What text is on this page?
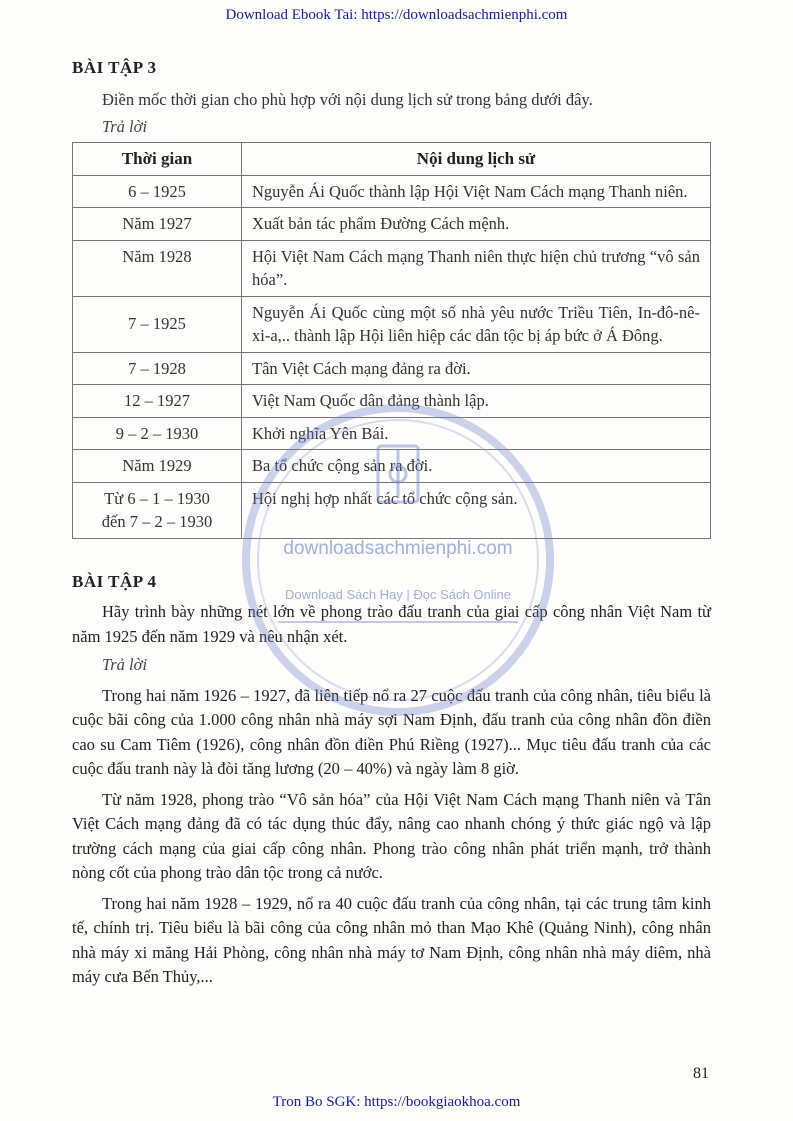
Download Ebook Tai: https://downloadsachmienphi.com
BÀI TẬP 3
Điền mốc thời gian cho phù hợp với nội dung lịch sử trong bảng dưới đây.
Trả lời
Thời gian	Nội dung lịch sử
6 – 1925	Nguyễn Ái Quốc thành lập Hội Việt Nam Cách mạng Thanh niên.
Năm 1927	Xuất bản tác phẩm Đường Cách mệnh.
Năm 1928	Hội Việt Nam Cách mạng Thanh niên thực hiện chủ trương “vô sản hóa”.
7 – 1925	Nguyễn Ái Quốc cùng một số nhà yêu nước Triều Tiên, In-đô-nê-xi-a,.. thành lập Hội liên hiệp các dân tộc bị áp bức ở Á Đông.
7 – 1928	Tân Việt Cách mạng đảng ra đời.
12 – 1927	Việt Nam Quốc dân đảng thành lập.
9 – 2 – 1930	Khởi nghĩa Yên Bái.
Năm 1929	Ba tổ chức cộng sản ra đời.

Từ 6 – 1 – 1930
đến 7 – 2 – 1930	Hội nghị hợp nhất các tổ chức cộng sản.
BÀI TẬP 4

Hãy trình bày những nét lớn về phong trào đấu tranh của giai cấp công nhân Việt Nam từ năm 1925 đến năm 1929 và nêu nhận xét.

Trả lời

Trong hai năm 1926 – 1927, đã liên tiếp nổ ra 27 cuộc đấu tranh của công nhân, tiêu biểu là cuộc bãi công của 1.000 công nhân nhà máy sợi Nam Định, đấu tranh của công nhân đồn điền cao su Cam Tiêm (1926), công nhân đồn điền Phú Riềng (1927)... Mục tiêu đấu tranh của các cuộc đấu tranh này là đòi tăng lương (20 – 40%) và ngày làm 8 giờ.

Từ năm 1928, phong trào “Vô sản hóa” của Hội Việt Nam Cách mạng Thanh niên và Tân Việt Cách mạng đảng đã có tác dụng thúc đẩy, nâng cao nhanh chóng ý thức giác ngộ và lập trường cách mạng của giai cấp công nhân. Phong trào công nhân phát triển mạnh, trở thành nòng cốt của phong trào dân tộc trong cả nước.

Trong hai năm 1928 – 1929, nổ ra 40 cuộc đấu tranh của công nhân, tại các trung tâm kinh tế, chính trị. Tiêu biểu là bãi công của công nhân mỏ than Mạo Khê (Quảng Ninh), công nhân nhà máy xi măng Hải Phòng, công nhân nhà máy tơ Nam Định, công nhân nhà máy diêm, nhà máy cưa Bến Thủy,...

downloadsachmienphi.com
Download Sách Hay | Đọc Sách Online
81
Tron Bo SGK: https://bookgiaokhoa.com
